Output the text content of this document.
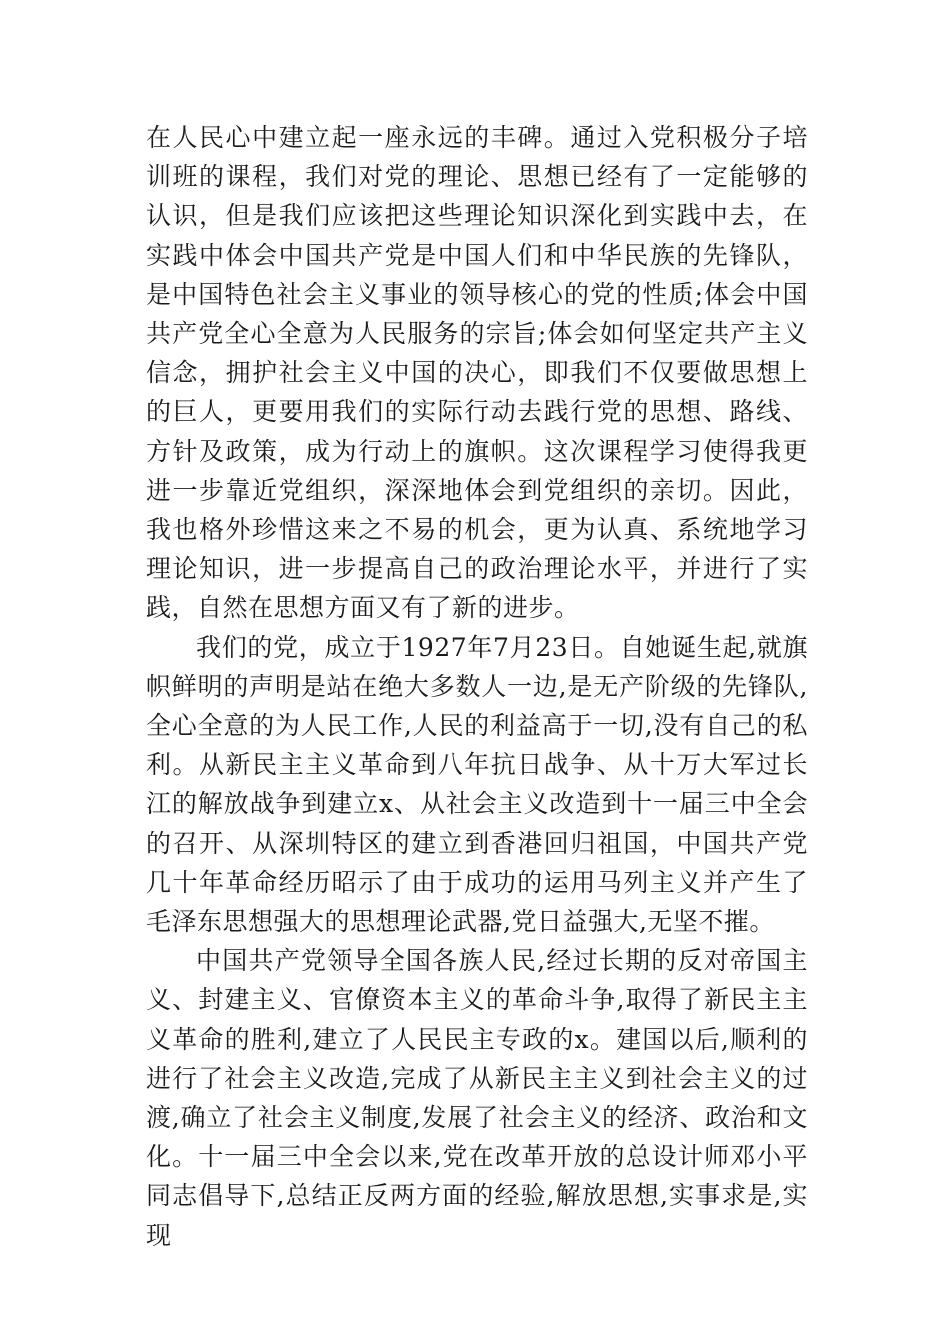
在人民心中建立起一座永远的丰碑。通过入党积极分子培训班的课程，我们对党的理论、思想已经有了一定能够的认识，但是我们应该把这些理论知识深化到实践中去，在实践中体会中国共产党是中国人们和中华民族的先锋队，是中国特色社会主义事业的领导核心的党的性质;体会中国共产党全心全意为人民服务的宗旨;体会如何坚定共产主义信念，拥护社会主义中国的决心，即我们不仅要做思想上的巨人，更要用我们的实际行动去践行党的思想、路线、方针及政策，成为行动上的旗帜。这次课程学习使得我更进一步靠近党组织，深深地体会到党组织的亲切。因此，我也格外珍惜这来之不易的机会，更为认真、系统地学习理论知识，进一步提高自己的政治理论水平，并进行了实践，自然在思想方面又有了新的进步。

我们的党，成立于1927年7月23日。自她诞生起,就旗帜鲜明的声明是站在绝大多数人一边,是无产阶级的先锋队,全心全意的为人民工作,人民的利益高于一切,没有自己的私利。从新民主主义革命到八年抗日战争、从十万大军过长江的解放战争到建立x、从社会主义改造到十一届三中全会的召开、从深圳特区的建立到香港回归祖国，中国共产党几十年革命经历昭示了由于成功的运用马列主义并产生了毛泽东思想强大的思想理论武器,党日益强大,无坚不摧。

中国共产党领导全国各族人民,经过长期的反对帝国主义、封建主义、官僚资本主义的革命斗争,取得了新民主主义革命的胜利,建立了人民民主专政的x。建国以后,顺利的进行了社会主义改造,完成了从新民主主义到社会主义的过渡,确立了社会主义制度,发展了社会主义的经济、政治和文化。十一届三中全会以来,党在改革开放的总设计师邓小平同志倡导下,总结正反两方面的经验,解放思想,实事求是,实现
